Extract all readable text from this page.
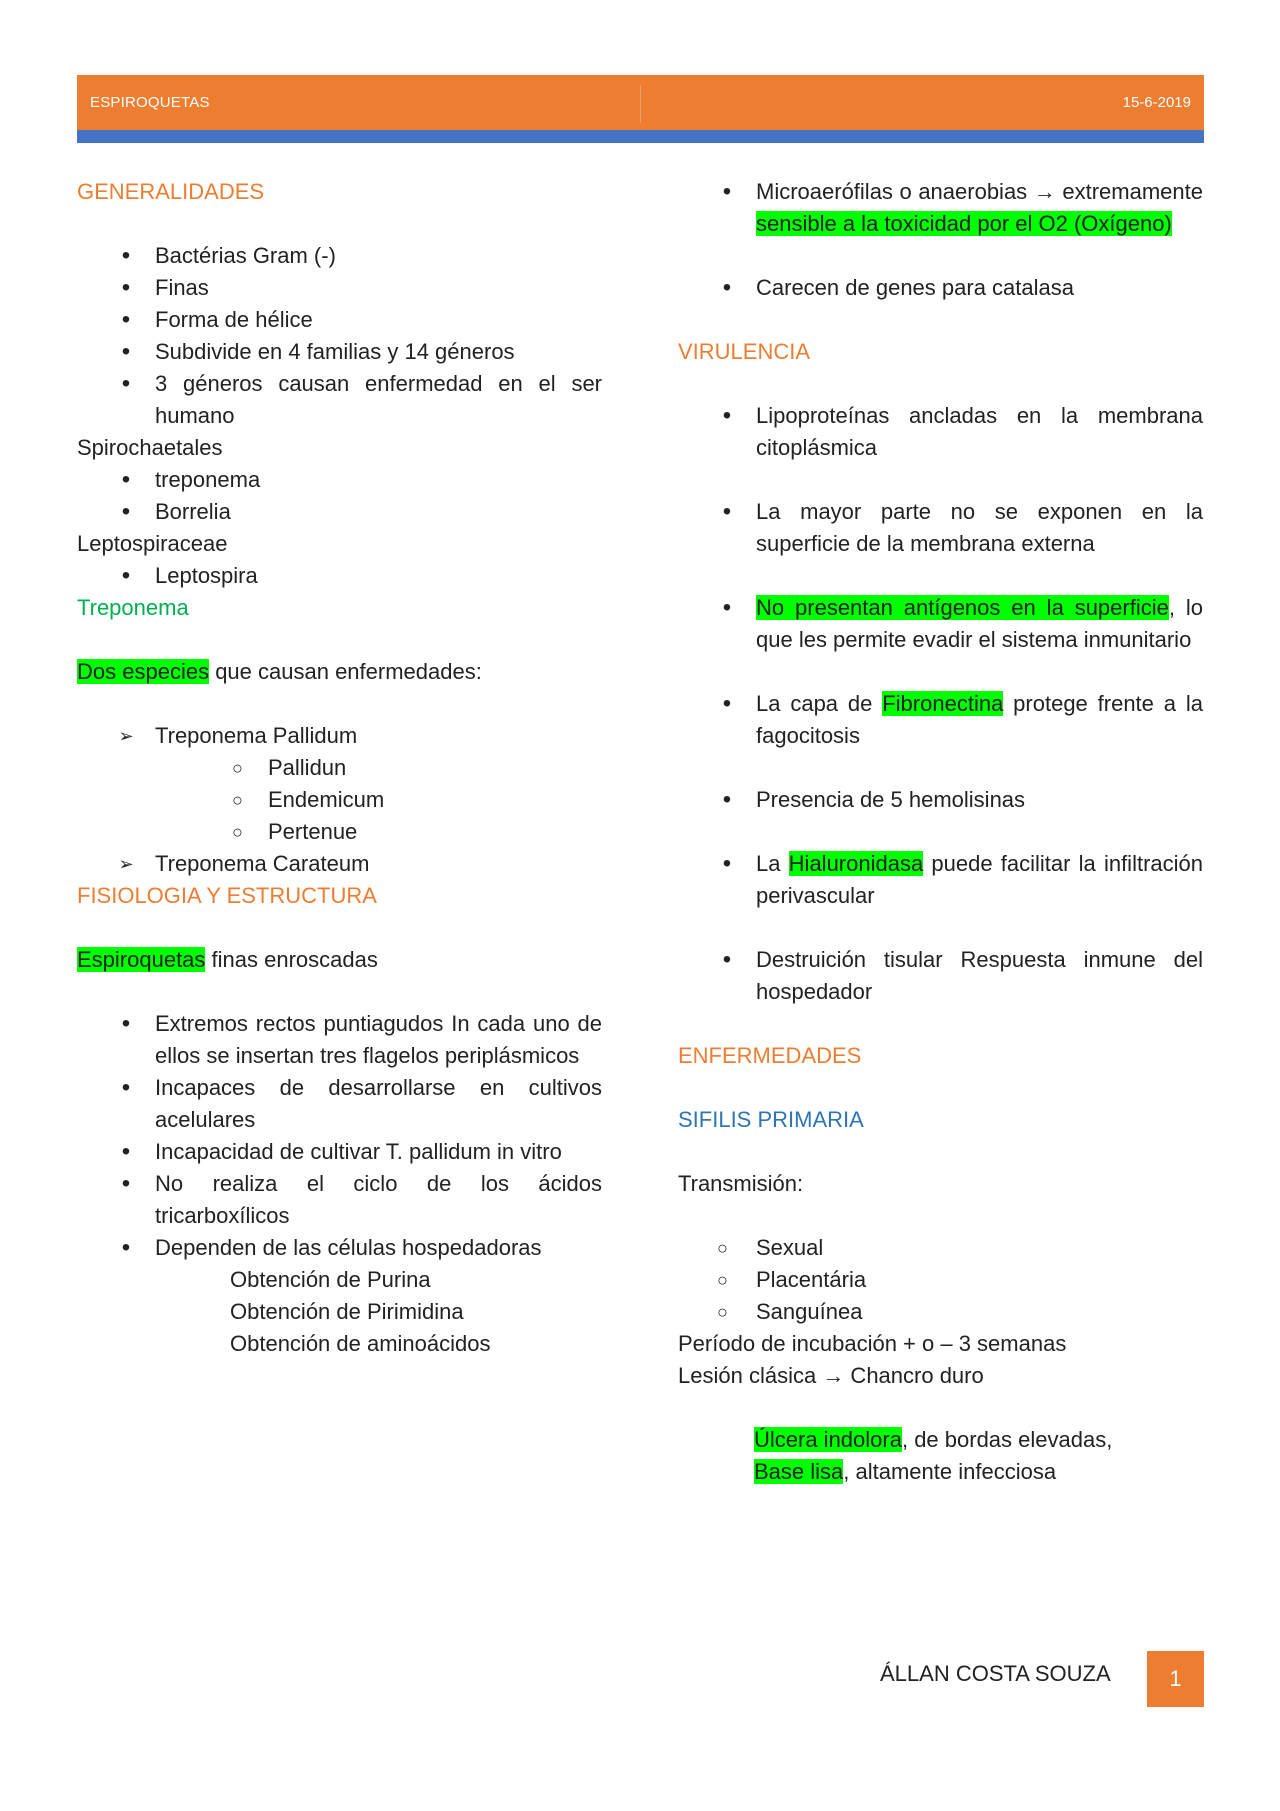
ESPIROQUETAS	15-6-2019
GENERALIDADES
• Bactérias Gram (-)
• Finas
• Forma de hélice
• Subdivide en 4 familias y 14 géneros
• 3 géneros causan enfermedad en el ser humano

Spirochaetales

• treponema
• Borrelia

Leptospiraceae

• Leptospira
Treponema

Dos especies que causan enfermedades:

➢ Treponema Pallidum
○ Pallidun
○ Endemicum
○ Pertenue
➢ Treponema Carateum
FISIOLOGIA Y ESTRUCTURA

Espiroquetas finas enroscadas

• Extremos rectos puntiagudos In cada uno de ellos se insertan tres flagelos periplásmicos
• Incapaces de desarrollarse en cultivos acelulares
• Incapacidad de cultivar T. pallidum in vitro
• No realiza el ciclo de los ácidos tricarboxílicos
• Dependen de las células hospedadoras

Obtención de Purina

Obtención de Pirimidina

Obtención de aminoácidos

• Microaerófilas o anaerobias → extremamente sensible a la toxicidad por el O2 (Oxígeno)
• Carecen de genes para catalasa
VIRULENCIA
• Lipoproteínas ancladas en la membrana citoplásmica
• La mayor parte no se exponen en la superficie de la membrana externa
• No presentan antígenos en la superficie, lo que les permite evadir el sistema inmunitario
• La capa de Fibronectina protege frente a la fagocitosis
• Presencia de 5 hemolisinas
• La Hialuronidasa puede facilitar la infiltración perivascular
• Destruición tisular Respuesta inmune del hospedador
ENFERMEDADES
SIFILIS PRIMARIA

Transmisión:

○ Sexual
○ Placentária
○ Sanguínea

Período de incubación + o – 3 semanas

Lesión clásica → Chancro duro

Úlcera indolora, de bordas elevadas,

Base lisa, altamente infecciosa

ÁLLAN COSTA SOUZA	1
